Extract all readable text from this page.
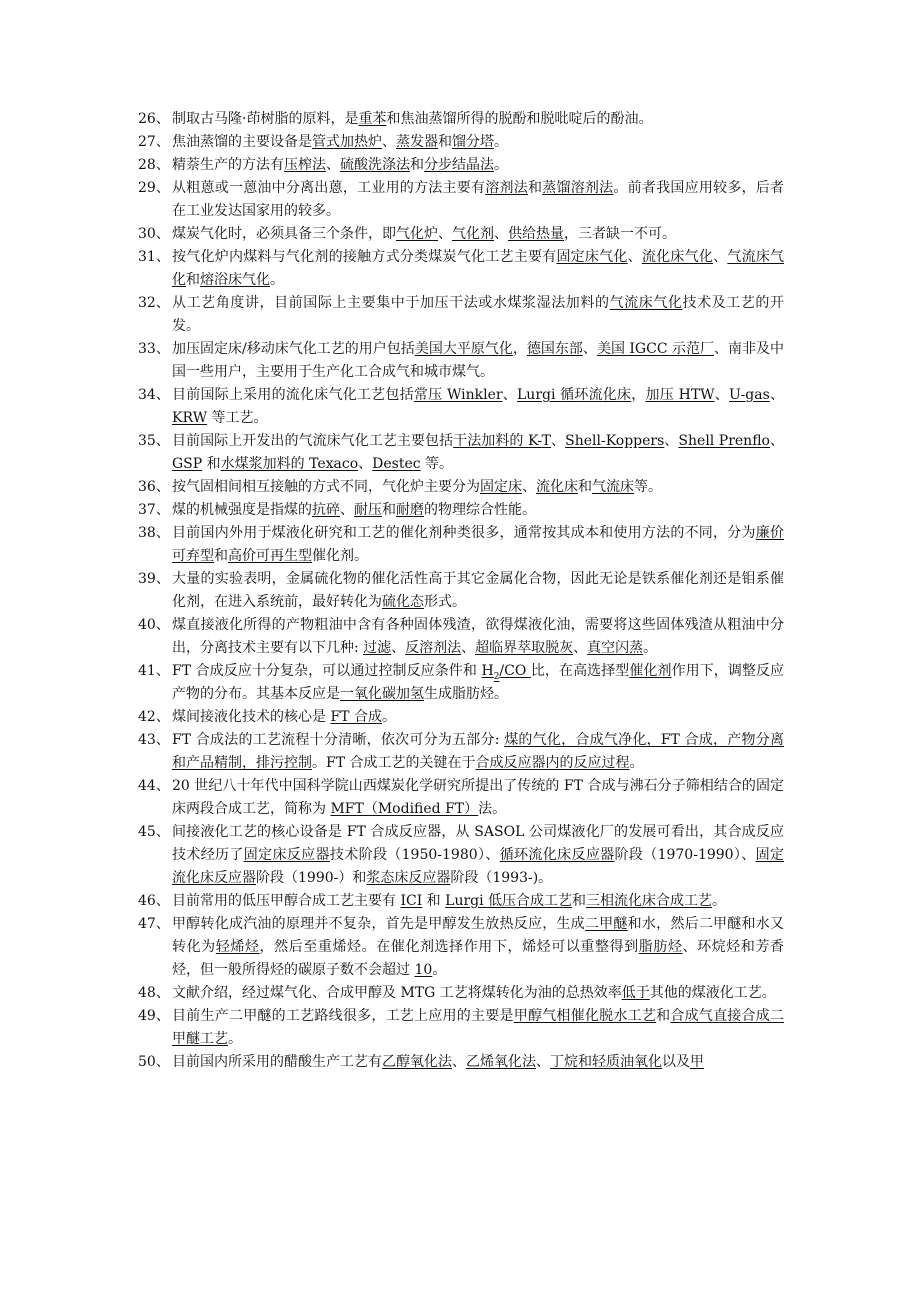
26、 制取古马隆·茚树脂的原料，是重苯和焦油蒸馏所得的脱酚和脱吡啶后的酚油。
27、 焦油蒸馏的主要设备是管式加热炉、蒸发器和馏分塔。
28、 精萘生产的方法有压榨法、硫酸洗涤法和分步结晶法。
29、 从粗蒽或一蒽油中分离出蒽，工业用的方法主要有溶剂法和蒸馏溶剂法。前者我国应用较多，后者在工业发达国家用的较多。
30、 煤炭气化时，必须具备三个条件，即气化炉、气化剂、供给热量，三者缺一不可。
31、 按气化炉内煤料与气化剂的接触方式分类煤炭气化工艺主要有固定床气化、流化床气化、气流床气化和熔浴床气化。
32、 从工艺角度讲，目前国际上主要集中于加压干法或水煤浆湿法加料的气流床气化技术及工艺的开发。
33、 加压固定床/移动床气化工艺的用户包括美国大平原气化，德国东部、美国 IGCC 示范厂、南非及中国一些用户，主要用于生产化工合成气和城市煤气。
34、 目前国际上采用的流化床气化工艺包括常压 Winkler、Lurgi 循环流化床，加压 HTW、U-gas、KRW 等工艺。
35、 目前国际上开发出的气流床气化工艺主要包括干法加料的 K-T、Shell-Koppers、Shell Prenflo、GSP 和水煤浆加料的 Texaco、Destec 等。
36、 按气固相间相互接触的方式不同，气化炉主要分为固定床、流化床和气流床等。
37、 煤的机械强度是指煤的抗碎、耐压和耐磨的物理综合性能。
38、 目前国内外用于煤液化研究和工艺的催化剂种类很多，通常按其成本和使用方法的不同，分为廉价可弃型和高价可再生型催化剂。
39、 大量的实验表明，金属硫化物的催化活性高于其它金属化合物，因此无论是铁系催化剂还是钼系催化剂，在进入系统前，最好转化为硫化态形式。
40、 煤直接液化所得的产物粗油中含有各种固体残渣，欲得煤液化油，需要将这些固体残渣从粗油中分出，分离技术主要有以下几种: 过滤、反溶剂法、超临界萃取脱灰、真空闪蒸。
41、 FT 合成反应十分复杂，可以通过控制反应条件和 $H_2/CO$ 比，在高选择型催化剂作用下，调整反应产物的分布。其基本反应是一氧化碳加氢生成脂肪烃。
42、 煤间接液化技术的核心是 FT 合成。
43、 FT 合成法的工艺流程十分清晰，依次可分为五部分: 煤的气化，合成气净化，FT 合成，产物分离和产品精制，排污控制。FT 合成工艺的关键在于合成反应器内的反应过程。
44、 20 世纪八十年代中国科学院山西煤炭化学研究所提出了传统的 FT 合成与沸石分子筛相结合的固定床两段合成工艺，简称为 MFT（Modified FT）法。
45、 间接液化工艺的核心设备是 FT 合成反应器，从 SASOL 公司煤液化厂的发展可看出，其合成反应技术经历了固定床反应器技术阶段（1950-1980）、循环流化床反应器阶段（1970-1990）、固定流化床反应器阶段（1990-）和浆态床反应器阶段（1993-)。
46、 目前常用的低压甲醇合成工艺主要有 ICI 和 Lurgi 低压合成工艺和三相流化床合成工艺。
47、 甲醇转化成汽油的原理并不复杂，首先是甲醇发生放热反应，生成二甲醚和水，然后二甲醚和水又转化为轻烯烃，然后至重烯烃。在催化剂选择作用下，烯烃可以重整得到脂肪烃、环烷烃和芳香烃，但一般所得烃的碳原子数不会超过 10。
48、 文献介绍，经过煤气化、合成甲醇及 MTG 工艺将煤转化为油的总热效率低于其他的煤液化工艺。
49、 目前生产二甲醚的工艺路线很多，工艺上应用的主要是甲醇气相催化脱水工艺和合成气直接合成二甲醚工艺。
50、 目前国内所采用的醋酸生产工艺有乙醇氧化法、乙烯氧化法、丁烷和轻质油氧化以及甲
